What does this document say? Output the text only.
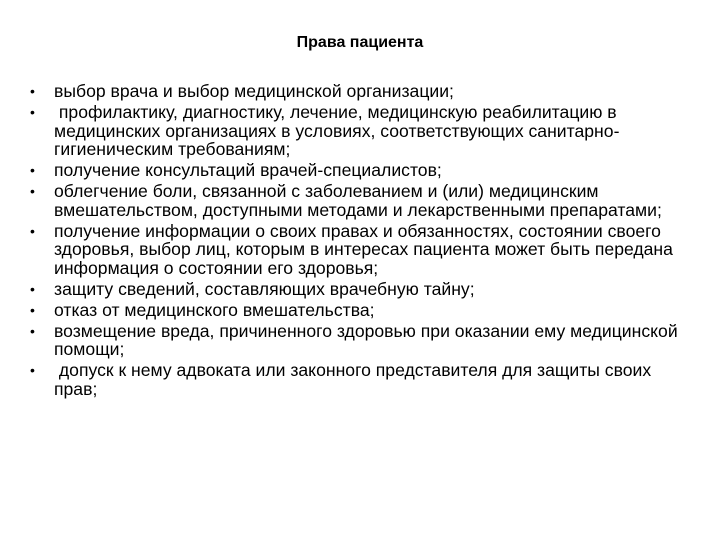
Права пациента
• выбор врача и выбор медицинской организации;
• профилактику, диагностику, лечение, медицинскую реабилитацию в медицинских организациях в условиях, соответствующих санитарно-гигиеническим требованиям;
• получение консультаций врачей-специалистов;
• облегчение боли, связанной с заболеванием и (или) медицинским вмешательством, доступными методами и лекарственными препаратами;
• получение информации о своих правах и обязанностях, состоянии своего здоровья, выбор лиц, которым в интересах пациента может быть передана информация о состоянии его здоровья;
• защиту сведений, составляющих врачебную тайну;
• отказ от медицинского вмешательства;
• возмещение вреда, причиненного здоровью при оказании ему медицинской помощи;
• допуск к нему адвоката или законного представителя для защиты своих прав;
